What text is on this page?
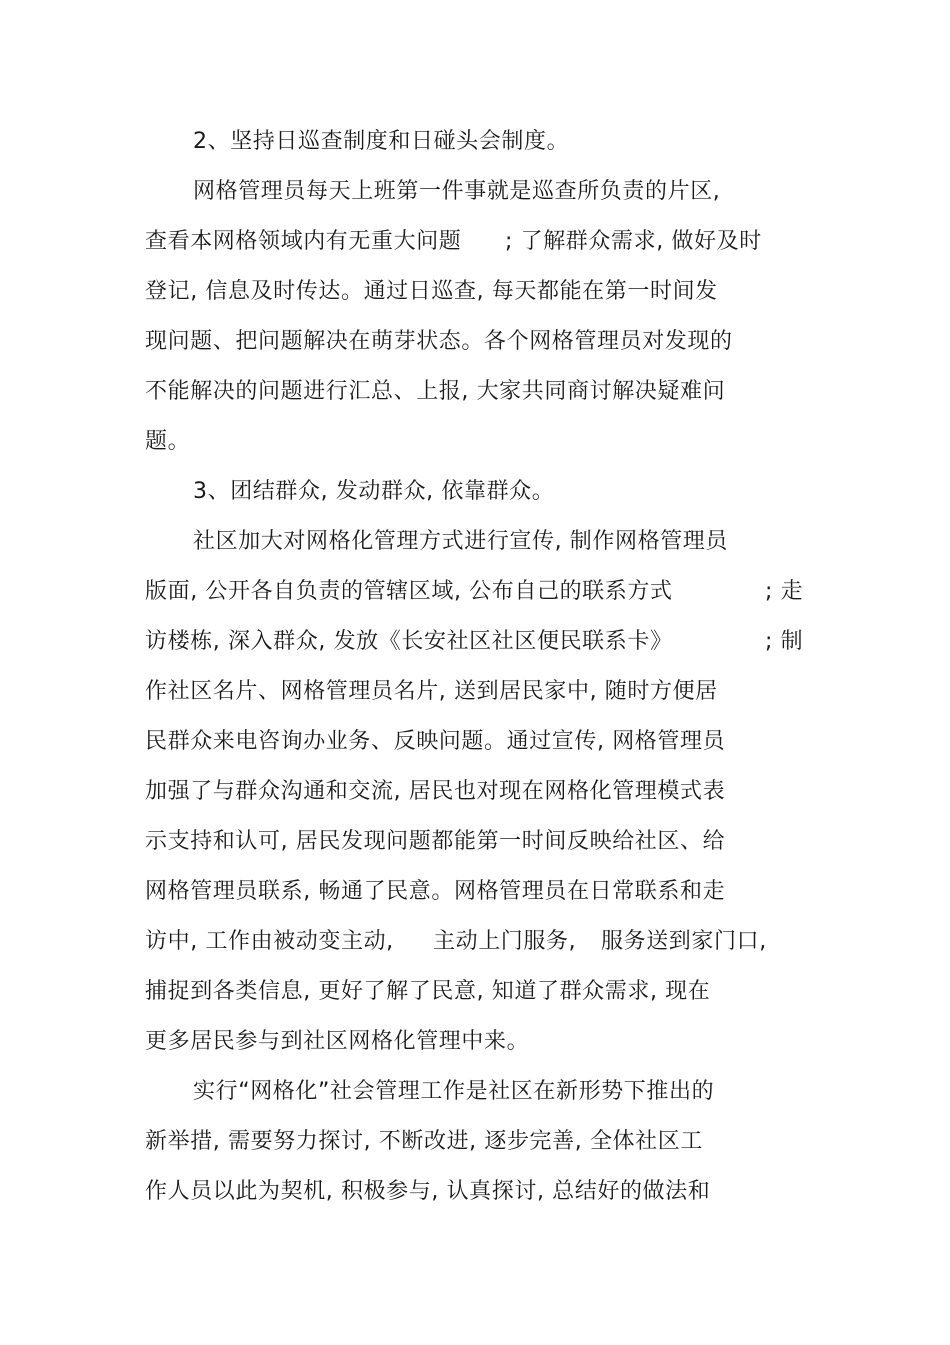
2、坚持日巡查制度和日碰头会制度。
网格管理员每天上班第一件事就是巡查所负责的片区,
查看本网格领域内有无重大问题 ; 了解群众需求, 做好及时
登记, 信息及时传达。通过日巡查, 每天都能在第一时间发
现问题、把问题解决在萌芽状态。各个网格管理员对发现的
不能解决的问题进行汇总、上报, 大家共同商讨解决疑难问
题。
3、团结群众, 发动群众, 依靠群众。
社区加大对网格化管理方式进行宣传, 制作网格管理员
版面, 公开各自负责的管辖区域, 公布自己的联系方式	; 走
访楼栋, 深入群众, 发放《长安社区社区便民联系卡》	; 制
作社区名片、网格管理员名片, 送到居民家中, 随时方便居
民群众来电咨询办业务、反映问题。通过宣传, 网格管理员
加强了与群众沟通和交流, 居民也对现在网格化管理模式表
示支持和认可, 居民发现问题都能第一时间反映给社区、给
网格管理员联系, 畅通了民意。网格管理员在日常联系和走
访中, 工作由被动变主动, 主动上门服务, 服务送到家门口,
捕捉到各类信息, 更好了解了民意, 知道了群众需求, 现在
更多居民参与到社区网格化管理中来。
实行“网格化”社会管理工作是社区在新形势下推出的
新举措, 需要努力探讨, 不断改进, 逐步完善, 全体社区工
作人员以此为契机, 积极参与, 认真探讨, 总结好的做法和
